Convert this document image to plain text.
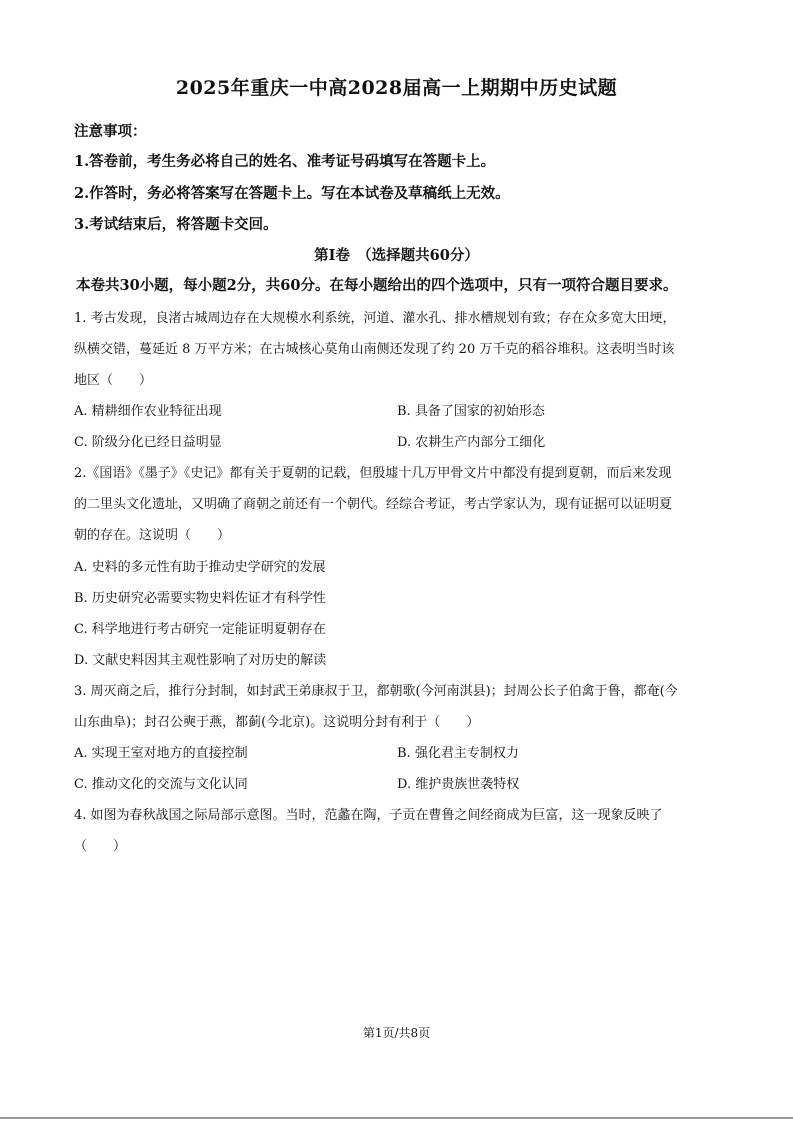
2025年重庆一中高2028届高一上期期中历史试题
注意事项：
1.答卷前，考生务必将自己的姓名、准考证号码填写在答题卡上。
2.作答时，务必将答案写在答题卡上。写在本试卷及草稿纸上无效。
3.考试结束后，将答题卡交回。
第Ⅰ卷　（选择题共60分）
本卷共30小题，每小题2分，共60分。在每小题给出的四个选项中，只有一项符合题目要求。
1. 考古发现，良渚古城周边存在大规模水利系统，河道、灌水孔、排水槽规划有致；存在众多宽大田埂，
纵横交错，蔓延近 8 万平方米；在古城核心莫角山南侧还发现了约 20 万千克的稻谷堆积。这表明当时该
地区（　　）
A. 精耕细作农业特征出现	B. 具备了国家的初始形态
C. 阶级分化已经日益明显	D. 农耕生产内部分工细化
2.《国语》《墨子》《史记》都有关于夏朝的记载，但殷墟十几万甲骨文片中都没有提到夏朝，而后来发现
的二里头文化遗址，又明确了商朝之前还有一个朝代。经综合考证，考古学家认为，现有证据可以证明夏
朝的存在。这说明（　　）
A. 史料的多元性有助于推动史学研究的发展
B. 历史研究必需要实物史料佐证才有科学性
C. 科学地进行考古研究一定能证明夏朝存在
D. 文献史料因其主观性影响了对历史的解读
3. 周灭商之后，推行分封制，如封武王弟康叔于卫，都朝歌(今河南淇县)；封周公长子伯禽于鲁，都奄(今
山东曲阜)；封召公奭于燕，都蓟(今北京)。这说明分封有利于（　　）
A. 实现王室对地方的直接控制	B. 强化君主专制权力
C. 推动文化的交流与文化认同	D. 维护贵族世袭特权
4. 如图为春秋战国之际局部示意图。当时，范蠡在陶，子贡在曹鲁之间经商成为巨富，这一现象反映了
（　　）
第1页/共8页
